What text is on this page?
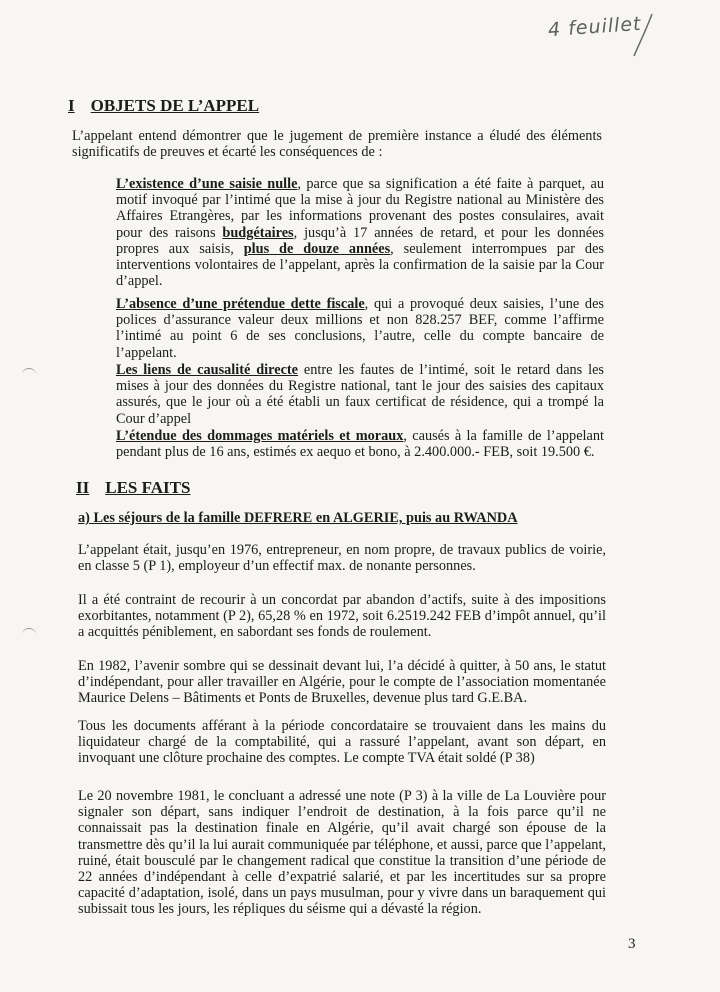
4 feuillet
I OBJETS DE L’APPEL

L’appelant entend démontrer que le jugement de première instance a éludé des éléments significatifs de preuves et écarté les conséquences de :

L’existence d’une saisie nulle, parce que sa signification a été faite à parquet, au motif invoqué par l’intimé que la mise à jour du Registre national au Ministère des Affaires Etrangères, par les informations provenant des postes consulaires, avait pour des raisons budgétaires, jusqu’à 17 années de retard, et pour les données propres aux saisis, plus de douze années, seulement interrompues par des interventions volontaires de l’appelant, après la confirmation de la saisie par la Cour d’appel.

L’absence d’une prétendue dette fiscale, qui a provoqué deux saisies, l’une des polices d’assurance valeur deux millions et non 828.257 BEF, comme l’affirme l’intimé au point 6 de ses conclusions, l’autre, celle du compte bancaire de l’appelant.

Les liens de causalité directe entre les fautes de l’intimé, soit le retard dans les mises à jour des données du Registre national, tant le jour des saisies des capitaux assurés, que le jour où a été établi un faux certificat de résidence, qui a trompé la Cour d’appel

L’étendue des dommages matériels et moraux, causés à la famille de l’appelant pendant plus de 16 ans, estimés ex aequo et bono, à 2.400.000.- FEB, soit 19.500 €.

II LES FAITS
a) Les séjours de la famille DEFRERE en ALGERIE, puis au RWANDA

L’appelant était, jusqu’en 1976, entrepreneur, en nom propre, de travaux publics de voirie, en classe 5 (P 1), employeur d’un effectif max. de nonante personnes.

Il a été contraint de recourir à un concordat par abandon d’actifs, suite à des impositions exorbitantes, notamment (P 2), 65,28 % en 1972, soit 6.2519.242 FEB d’impôt annuel, qu’il a acquittés péniblement, en sabordant ses fonds de roulement.

En 1982, l’avenir sombre qui se dessinait devant lui, l’a décidé à quitter, à 50 ans, le statut d’indépendant, pour aller travailler en Algérie, pour le compte de l’association momentanée Maurice Delens – Bâtiments et Ponts de Bruxelles, devenue plus tard G.E.BA.

Tous les documents afférant à la période concordataire se trouvaient dans les mains du liquidateur chargé de la comptabilité, qui a rassuré l’appelant, avant son départ, en invoquant une clôture prochaine des comptes. Le compte TVA était soldé (P 38)

Le 20 novembre 1981, le concluant a adressé une note (P 3) à la ville de La Louvière pour signaler son départ, sans indiquer l’endroit de destination, à la fois parce qu’il ne connaissait pas la destination finale en Algérie, qu’il avait chargé son épouse de la transmettre dès qu’il la lui aurait communiquée par téléphone, et aussi, parce que l’appelant, ruiné, était bousculé par le changement radical que constitue la transition d’une période de 22 années d’indépendant à celle d’expatrié salarié, et par les incertitudes sur sa propre capacité d’adaptation, isolé, dans un pays musulman, pour y vivre dans un baraquement qui subissait tous les jours, les répliques du séisme qui a dévasté la région.

3
